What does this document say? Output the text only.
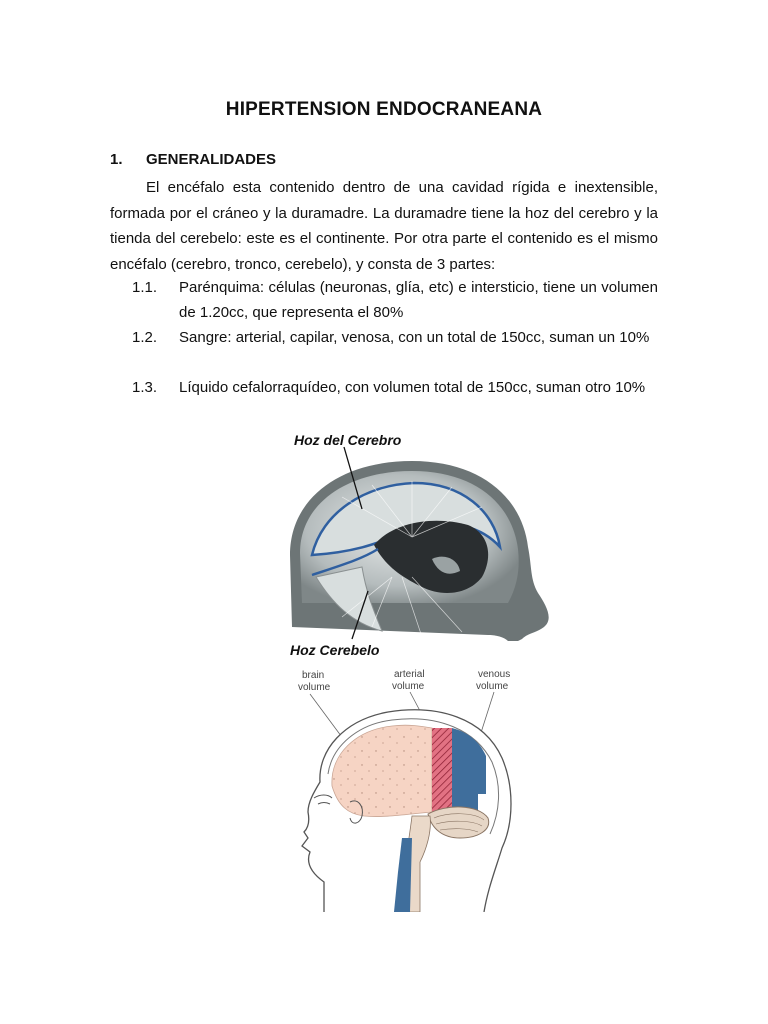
HIPERTENSION ENDOCRANEANA
1. GENERALIDADES
El encéfalo esta contenido dentro de una cavidad rígida e inextensible, formada por el cráneo y la duramadre. La duramadre tiene la hoz del cerebro y la tienda del cerebelo: este es el continente. Por otra parte el contenido es el mismo encéfalo (cerebro, tronco, cerebelo), y consta de 3 partes:
1.1. Parénquima: células (neuronas, glía, etc) e intersticio, tiene un volumen de 1.20cc, que representa el 80%
1.2. Sangre: arterial, capilar, venosa, con un total de 150cc, suman un 10%
1.3. Líquido cefalorraquídeo, con volumen total de 150cc, suman otro 10%
Hoz del Cerebro
Hoz Cerebelo
brain
volume
arterial
volume
venous
volume
